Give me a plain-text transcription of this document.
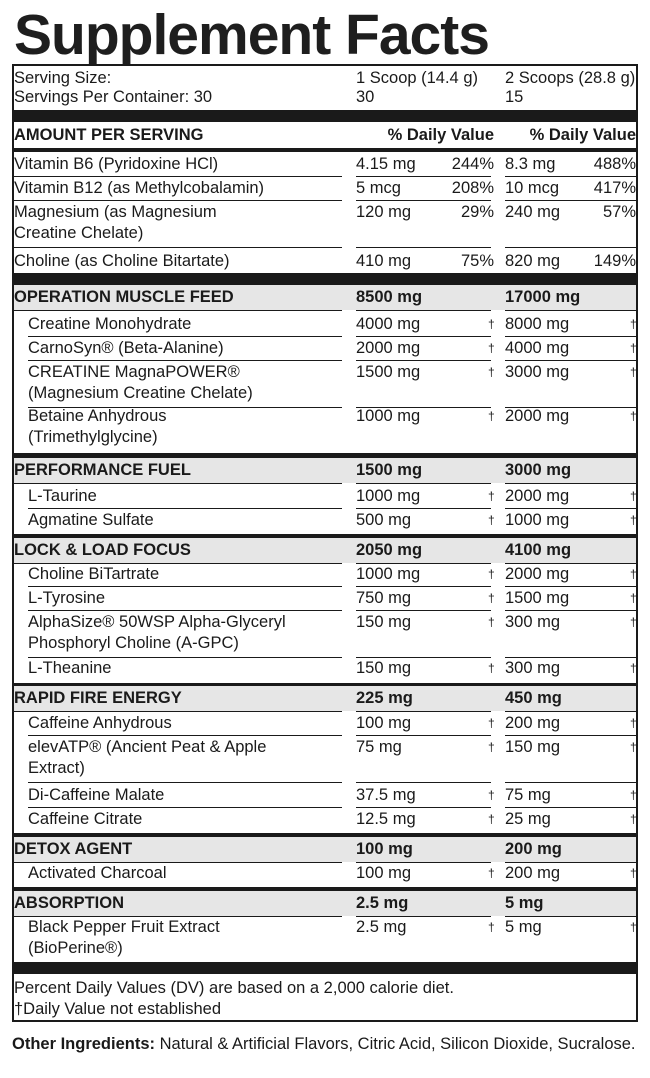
Supplement Facts
Serving Size:	1 Scoop (14.4 g) 2 Scoops (28.8 g)
Servings Per Container: 30	30	15
AMOUNT PER SERVING	% Daily Value % Daily Value
Vitamin B6 (Pyridoxine HCl)	4.15 mg 244% 8.3 mg 488%
Vitamin B12 (as Methylcobalamin)	5 mcg	208% 10 mcg 417%
Magnesium (as Magnesium	120 mg	29% 240 mg	57%
Creatine Chelate)
Choline (as Choline Bitartate)	410 mg	75% 820 mg 149%
OPERATION MUSCLE FEED	8500 mg	17000 mg
Creatine Monohydrate	4000 mg	† 8000 mg	†
CarnoSyn® (Beta-Alanine)	2000 mg	† 4000 mg	†
CREATINE MagnaPOWER®	1500 mg	† 3000 mg	†
(Magnesium Creatine Chelate)
Betaine Anhydrous	1000 mg	† 2000 mg	†
(Trimethylglycine)
PERFORMANCE FUEL	1500 mg	3000 mg
L-Taurine	1000 mg	† 2000 mg	†
Agmatine Sulfate	500 mg	† 1000 mg	†
LOCK & LOAD FOCUS	2050 mg	4100 mg
Choline BiTartrate	1000 mg	† 2000 mg	†
L-Tyrosine	750 mg	† 1500 mg	†
AlphaSize® 50WSP Alpha-Glyceryl	150 mg	† 300 mg	†
Phosphoryl Choline (A-GPC)
L-Theanine	150 mg	† 300 mg	†
RAPID FIRE ENERGY	225 mg	450 mg
Caffeine Anhydrous	100 mg	† 200 mg	†
elevATP® (Ancient Peat & Apple	75 mg	† 150 mg	†
Extract)
Di-Caffeine Malate	37.5 mg	† 75 mg	†
Caffeine Citrate	12.5 mg	† 25 mg	†
DETOX AGENT	100 mg	200 mg
Activated Charcoal	100 mg	† 200 mg	†
ABSORPTION	2.5 mg	5 mg
Black Pepper Fruit Extract	2.5 mg	† 5 mg	†
(BioPerine®)
Percent Daily Values (DV) are based on a 2,000 calorie diet.
†Daily Value not established
Other Ingredients: Natural & Artificial Flavors, Citric Acid, Silicon Dioxide, Sucralose.
